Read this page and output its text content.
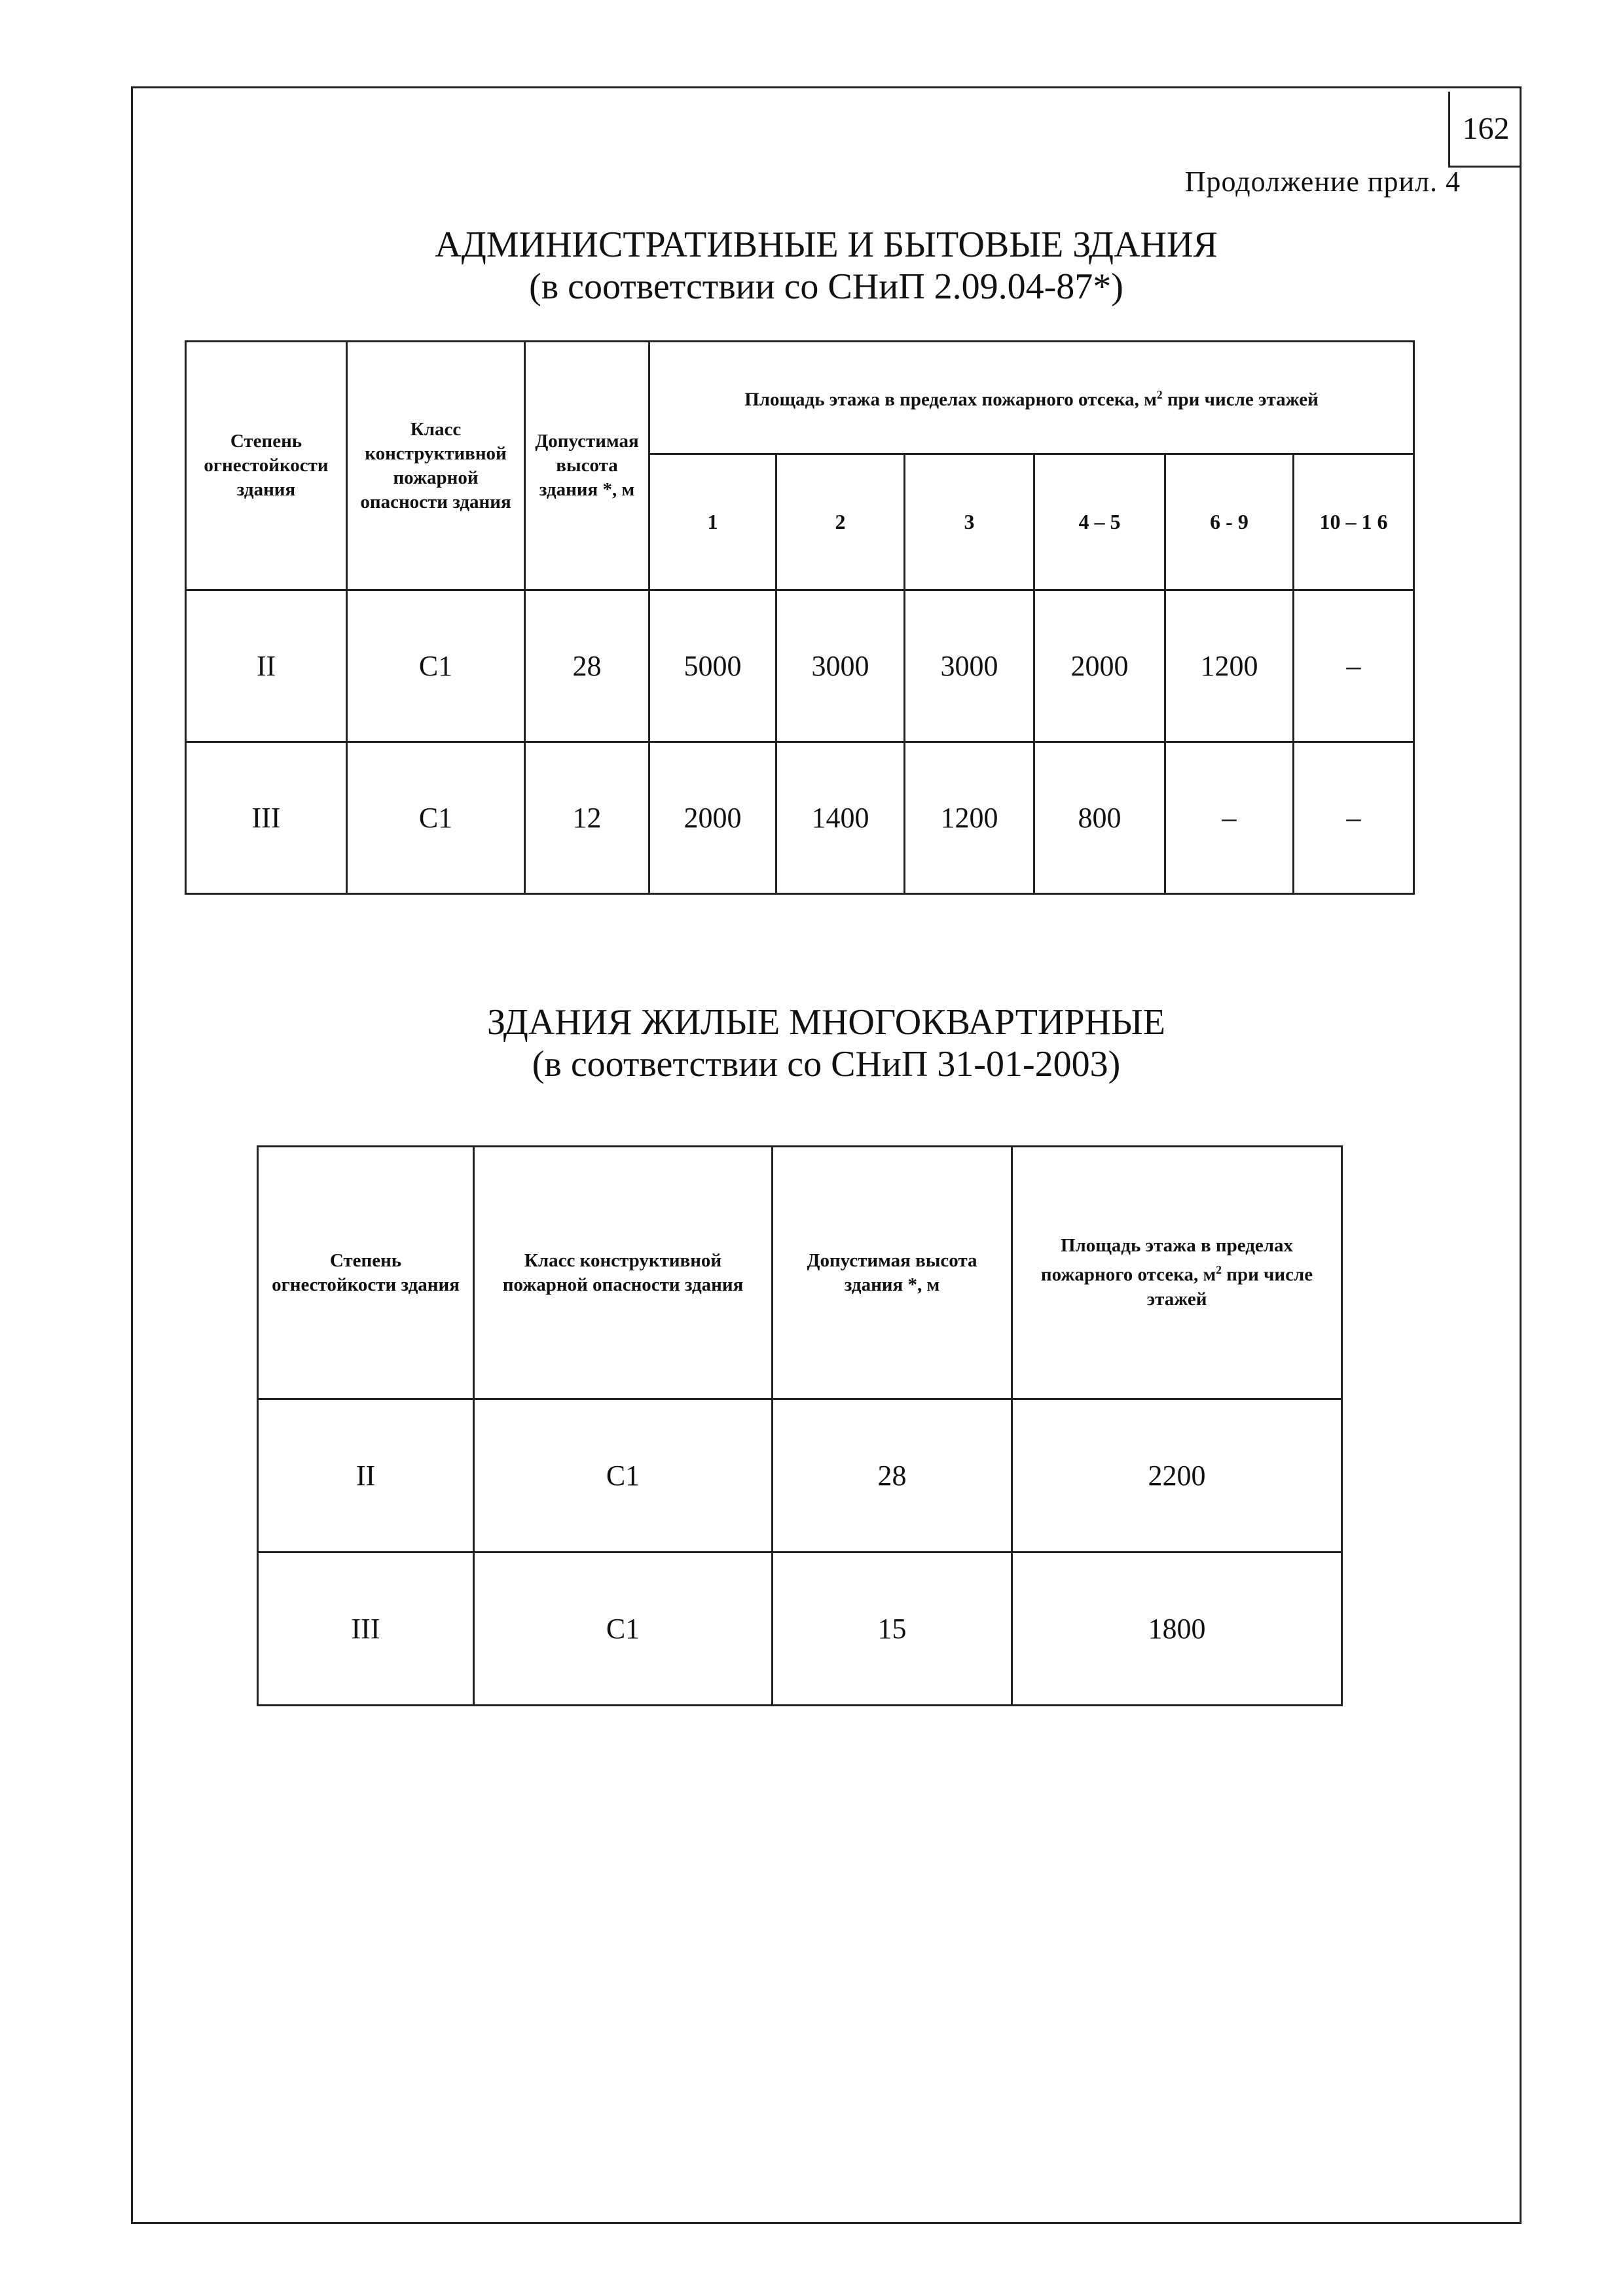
162
Продолжение прил. 4
АДМИНИСТРАТИВНЫЕ И БЫТОВЫЕ ЗДАНИЯ
(в соответствии со СНиП 2.09.04-87*)
Степень огнестойкости здания	Класс конструктивной пожарной опасности здания	Допустимая высота здания *, м	Площадь этажа в пределах пожарного отсека, $м^2$ при числе этажей					
			1	2	3	4 – 5	6 - 9	10 – 1 6
II	С1	28	5000	3000	3000	2000	1200	–
III	С1	12	2000	1400	1200	800	–	–
ЗДАНИЯ ЖИЛЫЕ МНОГОКВАРТИРНЫЕ
(в соответствии со СНиП 31-01-2003)
Степень огнестойкости здания	Класс конструктивной пожарной опасности здания	Допустимая высота здания *, м	Площадь этажа в пределах пожарного отсека, $м^2$ при числе этажей
II	С1	28	2200
III	С1	15	1800
